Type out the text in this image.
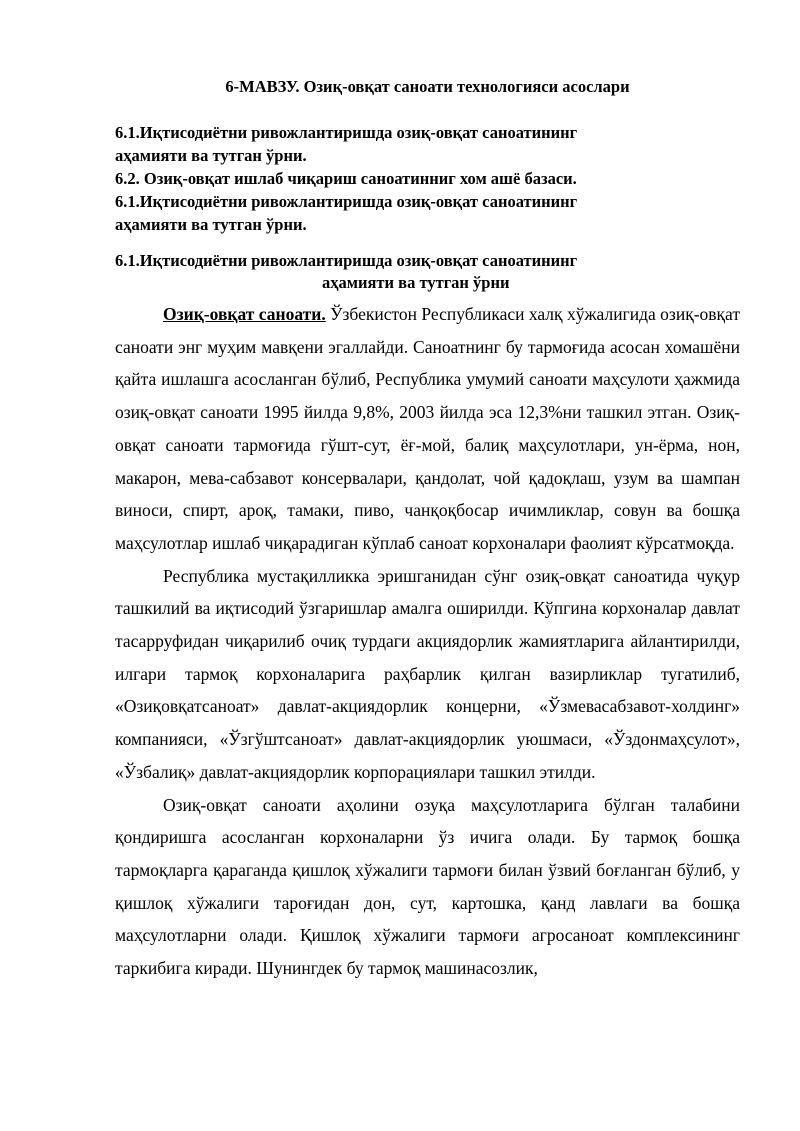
6-МАВЗУ. Озиқ-овқат саноати технологияси асослари
6.1.Иқтисодиётни ривожлантиришда озиқ-овқат саноатининг
аҳамияти ва тутган ўрни.
6.2. Озиқ-овқат ишлаб чиқариш саноатинниг хом ашё базаси.
6.1.Иқтисодиётни ривожлантиришда озиқ-овқат саноатининг
аҳамияти ва тутган ўрни.
6.1.Иқтисодиётни ривожлантиришда озиқ-овқат саноатининг
аҳамияти ва тутган ўрни

Озиқ-овқат саноати. Ўзбекистон Республикаси халқ хўжалигида озиқ-овқат саноати энг муҳим мавқени эгаллайди. Саноатнинг бу тармоғида асосан хомашёни қайта ишлашга асосланган бўлиб, Республика умумий саноати маҳсулоти ҳажмида озиқ-овқат саноати 1995 йилда 9,8%, 2003 йилда эса 12,3%ни ташкил этган. Озиқ-овқат саноати тармоғида гўшт-сут, ёғ-мой, балиқ маҳсулотлари, ун-ёрма, нон, макарон, мева-сабзавот консервалари, қандолат, чой қадоқлаш, узум ва шампан виноси, спирт, ароқ, тамаки, пиво, чанқоқбосар ичимликлар, совун ва бошқа маҳсулотлар ишлаб чиқарадиган кўплаб саноат корхоналари фаолият кўрсатмоқда.

Республика мустақилликка эришганидан сўнг озиқ-овқат саноатида чуқур ташкилий ва иқтисодий ўзгаришлар амалга оширилди. Кўпгина корхоналар давлат тасарруфидан чиқарилиб очиқ турдаги акциядорлик жамиятларига айлантирилди, илгари тармоқ корхоналарига раҳбарлик қилган вазирликлар тугатилиб, «Озиқовқатсаноат» давлат-акциядорлик концерни, «Ўзмевасабзавот-холдинг» компанияси, «Ўзгўштсаноат» давлат-акциядорлик уюшмаси, «Ўздонмаҳсулот», «Ўзбалиқ» давлат-акциядорлик корпорациялари ташкил этилди.

Озиқ-овқат саноати аҳолини озуқа маҳсулотларига бўлган талабини қондиришга асосланган корхоналарни ўз ичига олади. Бу тармоқ бошқа тармоқларга қараганда қишлоқ хўжалиги тармоғи билан ўзвий боғланган бўлиб, у қишлоқ хўжалиги тароғидан дон, сут, картошка, қанд лавлаги ва бошқа маҳсулотларни олади. Қишлоқ хўжалиги тармоғи агросаноат комплексининг таркибига киради. Шунингдек бу тармоқ машинасозлик,
